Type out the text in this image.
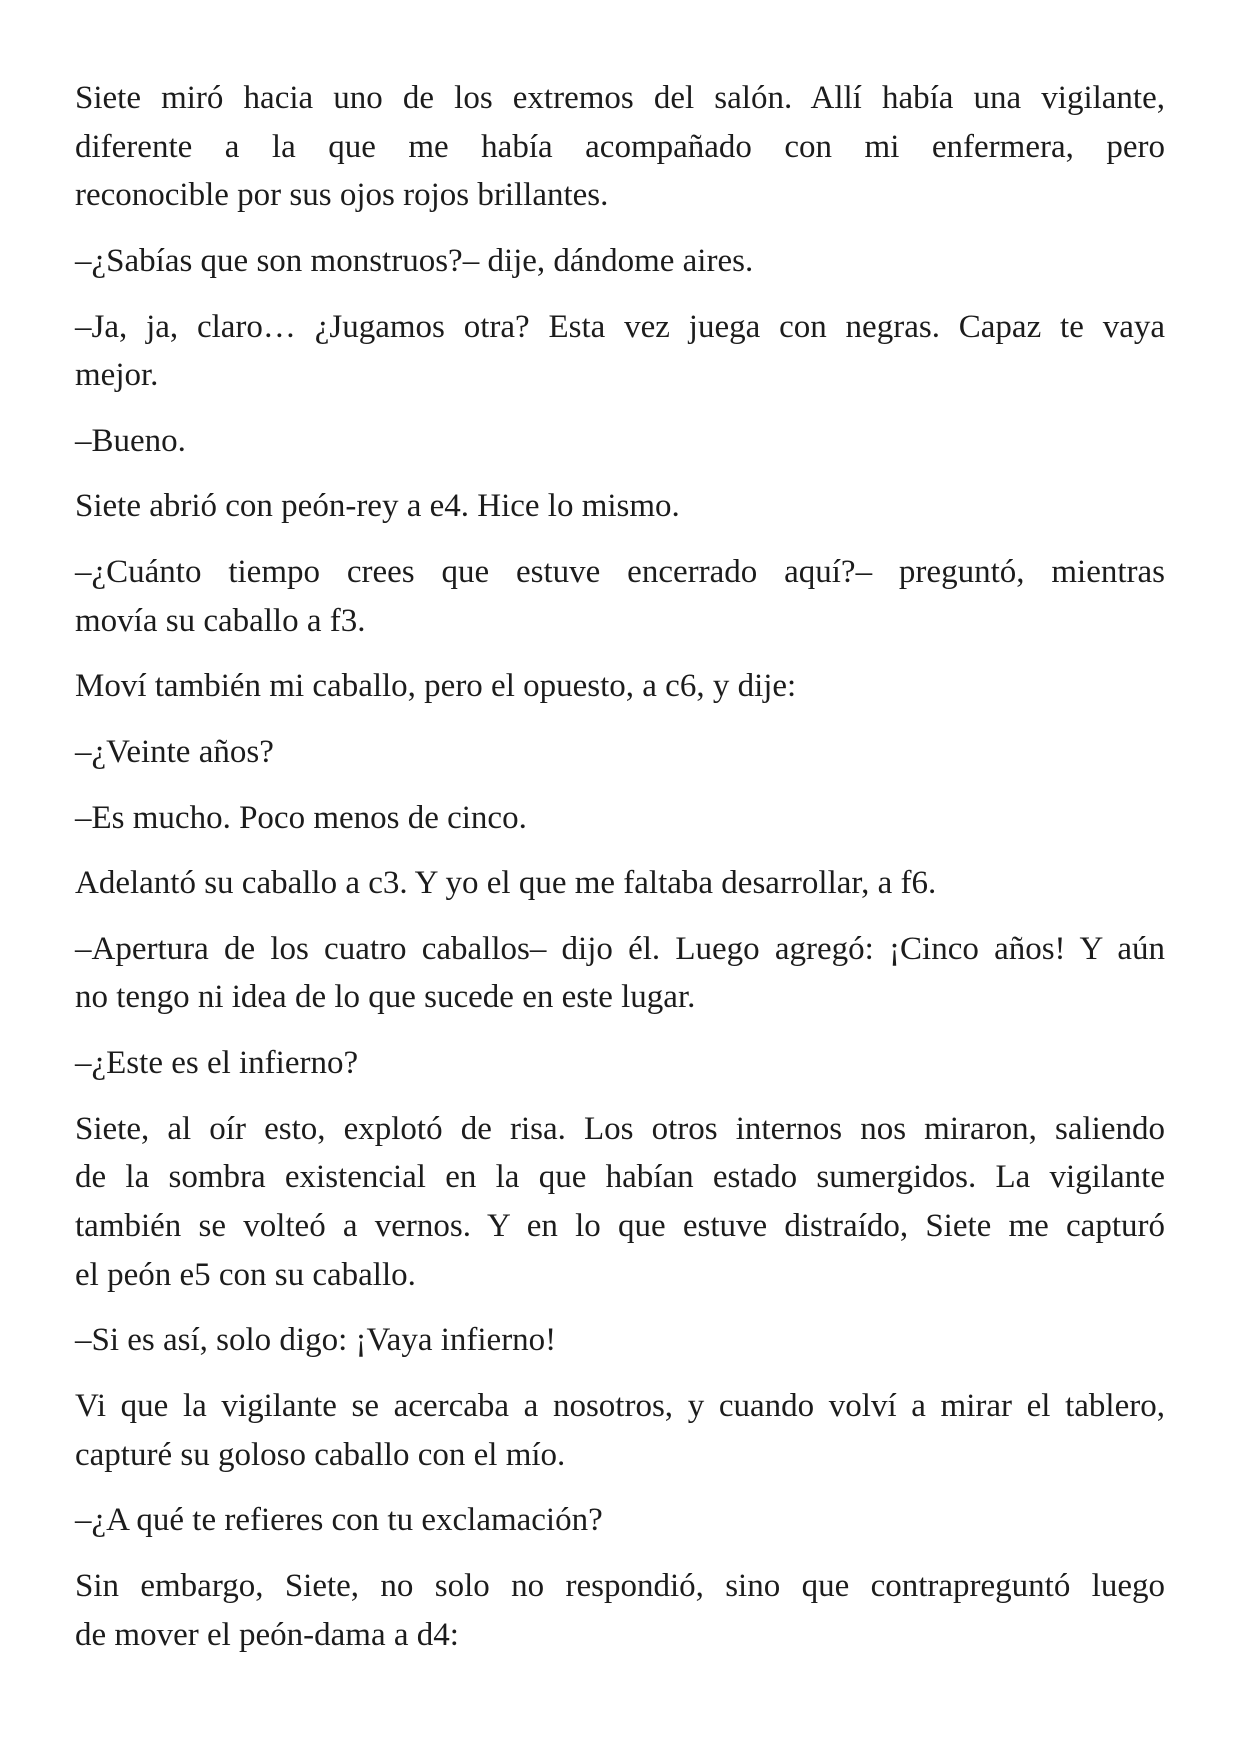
Siete miró hacia uno de los extremos del salón. Allí había una vigilante,
diferente a la que me había acompañado con mi enfermera, pero
reconocible por sus ojos rojos brillantes.
–¿Sabías que son monstruos?– dije, dándome aires.
–Ja, ja, claro… ¿Jugamos otra? Esta vez juega con negras. Capaz te vaya
mejor.
–Bueno.
Siete abrió con peón-rey a e4. Hice lo mismo.
–¿Cuánto tiempo crees que estuve encerrado aquí?– preguntó, mientras
movía su caballo a f3.
Moví también mi caballo, pero el opuesto, a c6, y dije:
–¿Veinte años?
–Es mucho. Poco menos de cinco.
Adelantó su caballo a c3. Y yo el que me faltaba desarrollar, a f6.
–Apertura de los cuatro caballos– dijo él. Luego agregó: ¡Cinco años! Y aún
no tengo ni idea de lo que sucede en este lugar.
–¿Este es el infierno?
Siete, al oír esto, explotó de risa. Los otros internos nos miraron, saliendo
de la sombra existencial en la que habían estado sumergidos. La vigilante
también se volteó a vernos. Y en lo que estuve distraído, Siete me capturó
el peón e5 con su caballo.
–Si es así, solo digo: ¡Vaya infierno!
Vi que la vigilante se acercaba a nosotros, y cuando volví a mirar el tablero,
capturé su goloso caballo con el mío.
–¿A qué te refieres con tu exclamación?
Sin embargo, Siete, no solo no respondió, sino que contrapreguntó luego
de mover el peón-dama a d4:
